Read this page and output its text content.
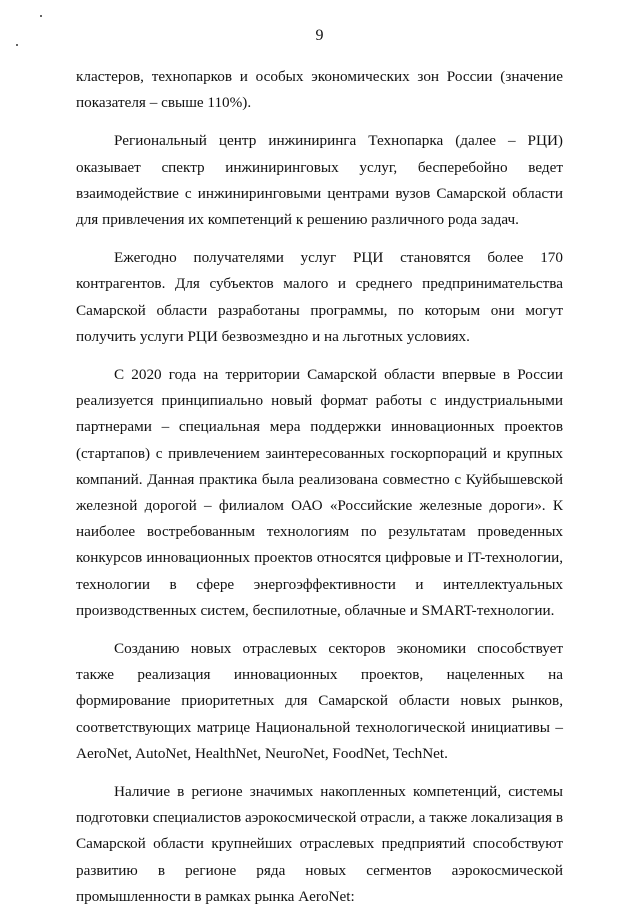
9

кластеров, технопарков и особых экономических зон России (значение показателя – свыше 110%).

Региональный центр инжиниринга Технопарка (далее – РЦИ) оказывает спектр инжиниринговых услуг, бесперебойно ведет взаимодействие с инжиниринговыми центрами вузов Самарской области для привлечения их компетенций к решению различного рода задач.

Ежегодно получателями услуг РЦИ становятся более 170 контрагентов. Для субъектов малого и среднего предпринимательства Самарской области разработаны программы, по которым они могут получить услуги РЦИ безвозмездно и на льготных условиях.

С 2020 года на территории Самарской области впервые в России реализуется принципиально новый формат работы с индустриальными партнерами – специальная мера поддержки инновационных проектов (стартапов) с привлечением заинтересованных госкорпораций и крупных компаний. Данная практика была реализована совместно с Куйбышевской железной дорогой – филиалом ОАО «Российские железные дороги». К наиболее востребованным технологиям по результатам проведенных конкурсов инновационных проектов относятся цифровые и IT-технологии, технологии в сфере энергоэффективности и интеллектуальных производственных систем, беспилотные, облачные и SMART-технологии.

Созданию новых отраслевых секторов экономики способствует также реализация инновационных проектов, нацеленных на формирование приоритетных для Самарской области новых рынков, соответствующих матрице Национальной технологической инициативы – AeroNet, AutoNet, HealthNet, NeuroNet, FoodNet, TechNet.

Наличие в регионе значимых накопленных компетенций, системы подготовки специалистов аэрокосмической отрасли, а также локализация в Самарской области крупнейших отраслевых предприятий способствуют развитию в регионе ряда новых сегментов аэрокосмической промышленности в рамках рынка AeroNet:
